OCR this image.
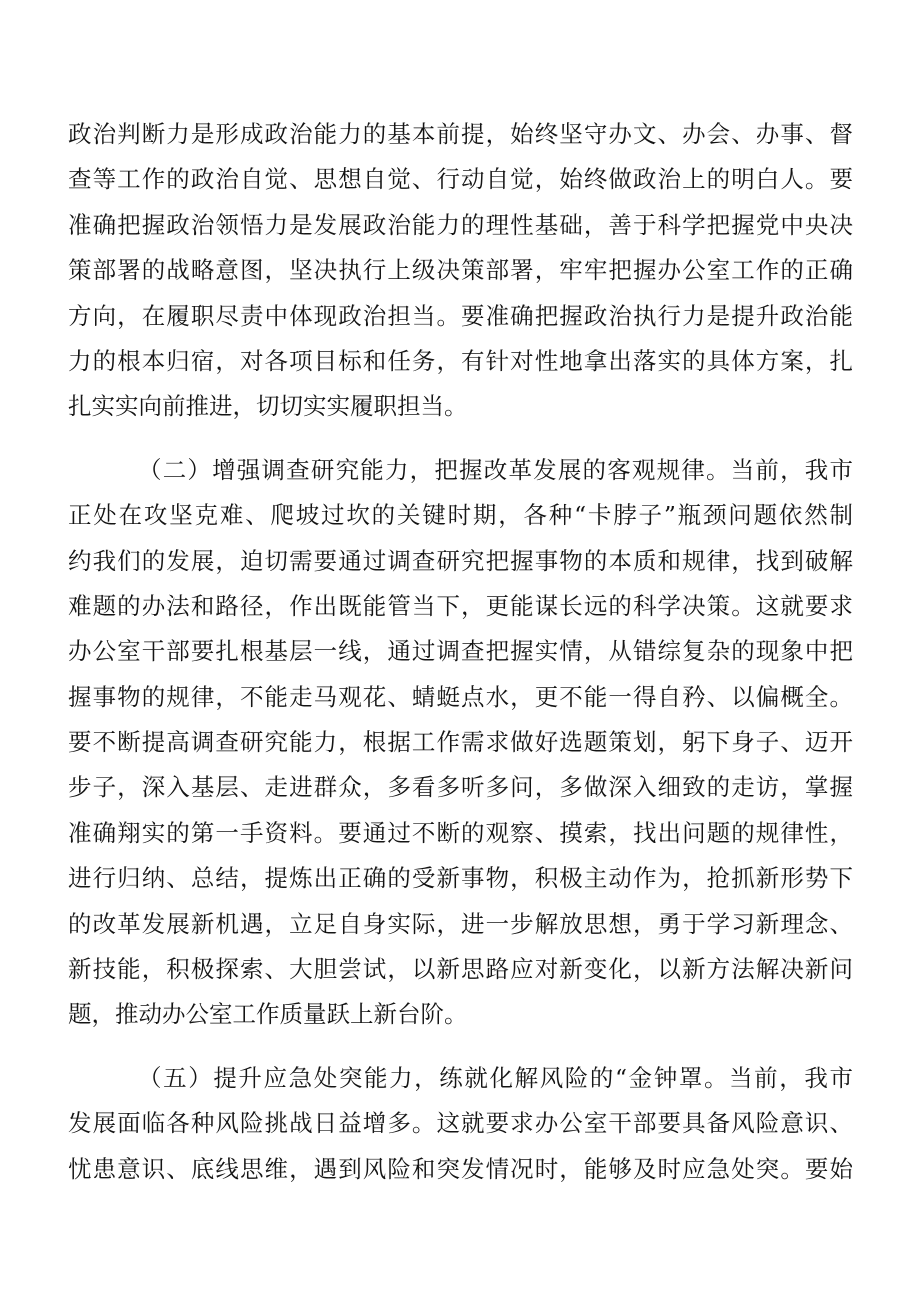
政治判断力是形成政治能力的基本前提，始终坚守办文、办会、办事、督
查等工作的政治自觉、思想自觉、行动自觉，始终做政治上的明白人。要
准确把握政治领悟力是发展政治能力的理性基础，善于科学把握党中央决
策部署的战略意图，坚决执行上级决策部署，牢牢把握办公室工作的正确
方向，在履职尽责中体现政治担当。要准确把握政治执行力是提升政治能
力的根本归宿，对各项目标和任务，有针对性地拿出落实的具体方案，扎
扎实实向前推进，切切实实履职担当。
（二）增强调查研究能力，把握改革发展的客观规律。当前，我市
正处在攻坚克难、爬坡过坎的关键时期，各种“卡脖子”瓶颈问题依然制
约我们的发展，迫切需要通过调查研究把握事物的本质和规律，找到破解
难题的办法和路径，作出既能管当下，更能谋长远的科学决策。这就要求
办公室干部要扎根基层一线，通过调查把握实情，从错综复杂的现象中把
握事物的规律，不能走马观花、蜻蜓点水，更不能一得自矜、以偏概全。
要不断提高调查研究能力，根据工作需求做好选题策划，躬下身子、迈开
步子，深入基层、走进群众，多看多听多问，多做深入细致的走访，掌握
准确翔实的第一手资料。要通过不断的观察、摸索，找出问题的规律性，
进行归纳、总结，提炼出正确的受新事物，积极主动作为，抢抓新形势下
的改革发展新机遇，立足自身实际，进一步解放思想，勇于学习新理念、
新技能，积极探索、大胆尝试，以新思路应对新变化，以新方法解决新问
题，推动办公室工作质量跃上新台阶。
（五）提升应急处突能力，练就化解风险的“金钟罩。当前，我市
发展面临各种风险挑战日益增多。这就要求办公室干部要具备风险意识、
忧患意识、底线思维，遇到风险和突发情况时，能够及时应急处突。要始
